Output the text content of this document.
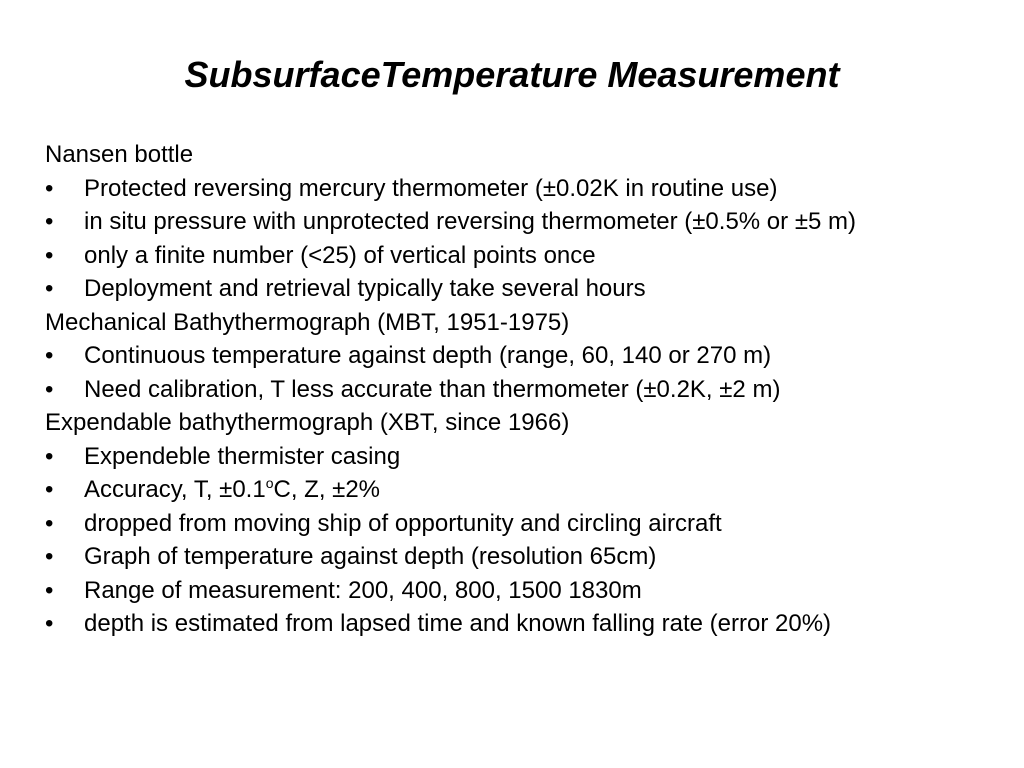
SubsurfaceTemperature Measurement
Nansen bottle
•	Protected reversing mercury thermometer (±0.02K in routine use)
•	in situ pressure with unprotected reversing thermometer (±0.5% or ±5 m)
•	only a finite number (<25) of vertical points once
•	Deployment and retrieval typically take several hours
Mechanical Bathythermograph (MBT, 1951-1975)
•	Continuous temperature against depth (range, 60, 140 or 270 m)
•	Need calibration, T less accurate than thermometer (±0.2K, ±2 m)
Expendable bathythermograph (XBT, since 1966)
•	Expendeble thermister casing
•	Accuracy, T, $\pm 0.1^oC$, Z, ±2%
•	dropped from moving ship of opportunity and circling aircraft
•	Graph of temperature against depth (resolution 65cm)
•	Range of measurement: 200, 400, 800, 1500 1830m
•	depth is estimated from lapsed time and known falling rate (error 20%)
